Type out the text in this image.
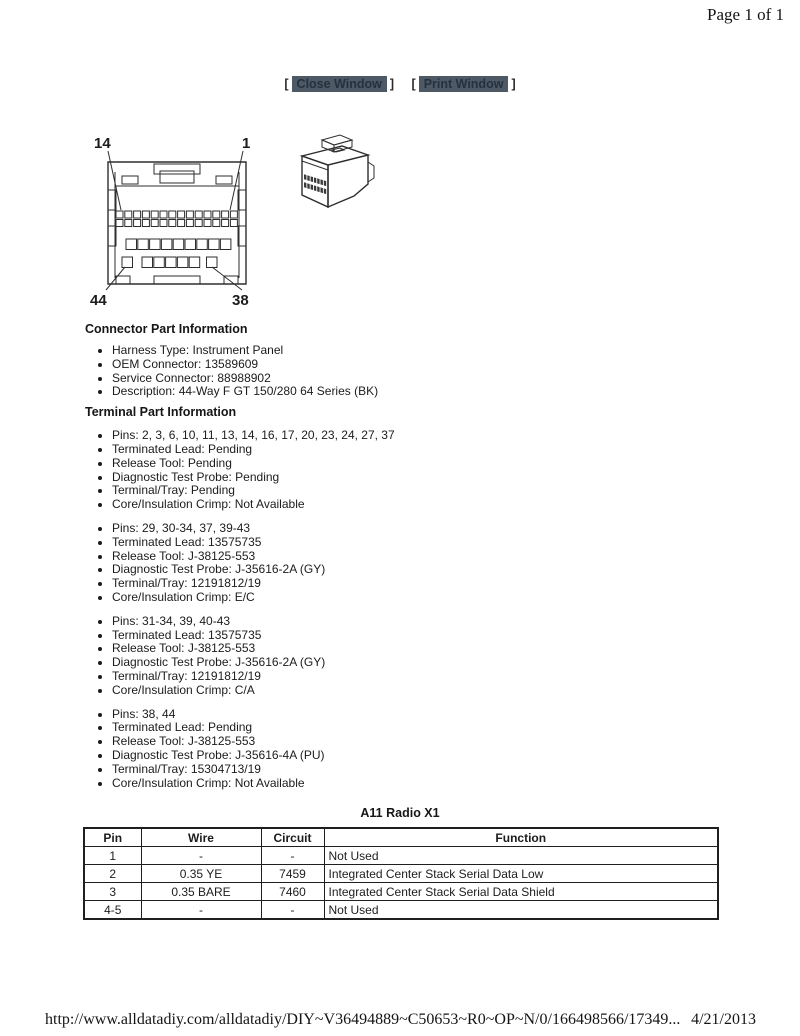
Page 1 of 1
[ Close Window ] [ Print Window ]
14	1
44	38
Connector Part Information
• Harness Type: Instrument Panel
• OEM Connector: 13589609
• Service Connector: 88988902
• Description: 44-Way F GT 150/280 64 Series (BK)
Terminal Part Information
• Pins: 2, 3, 6, 10, 11, 13, 14, 16, 17, 20, 23, 24, 27, 37
• Terminated Lead: Pending
• Release Tool: Pending
• Diagnostic Test Probe: Pending
• Terminal/Tray: Pending
• Core/Insulation Crimp: Not Available
• Pins: 29, 30-34, 37, 39-43
• Terminated Lead: 13575735
• Release Tool: J-38125-553
• Diagnostic Test Probe: J-35616-2A (GY)
• Terminal/Tray: 12191812/19
• Core/Insulation Crimp: E/C
• Pins: 31-34, 39, 40-43
• Terminated Lead: 13575735
• Release Tool: J-38125-553
• Diagnostic Test Probe: J-35616-2A (GY)
• Terminal/Tray: 12191812/19
• Core/Insulation Crimp: C/A
• Pins: 38, 44
• Terminated Lead: Pending
• Release Tool: J-38125-553
• Diagnostic Test Probe: J-35616-4A (PU)
• Terminal/Tray: 15304713/19
• Core/Insulation Crimp: Not Available
A11 Radio X1
Pin	Wire	Circuit	Function
1	-	-	Not Used
2	0.35 YE	7459	Integrated Center Stack Serial Data Low
3	0.35 BARE	7460	Integrated Center Stack Serial Data Shield
4-5	-	-	Not Used
http://www.alldatadiy.com/alldatadiy/DIY~V36494889~C50653~R0~OP~N/0/166498566/17349... 4/21/2013
